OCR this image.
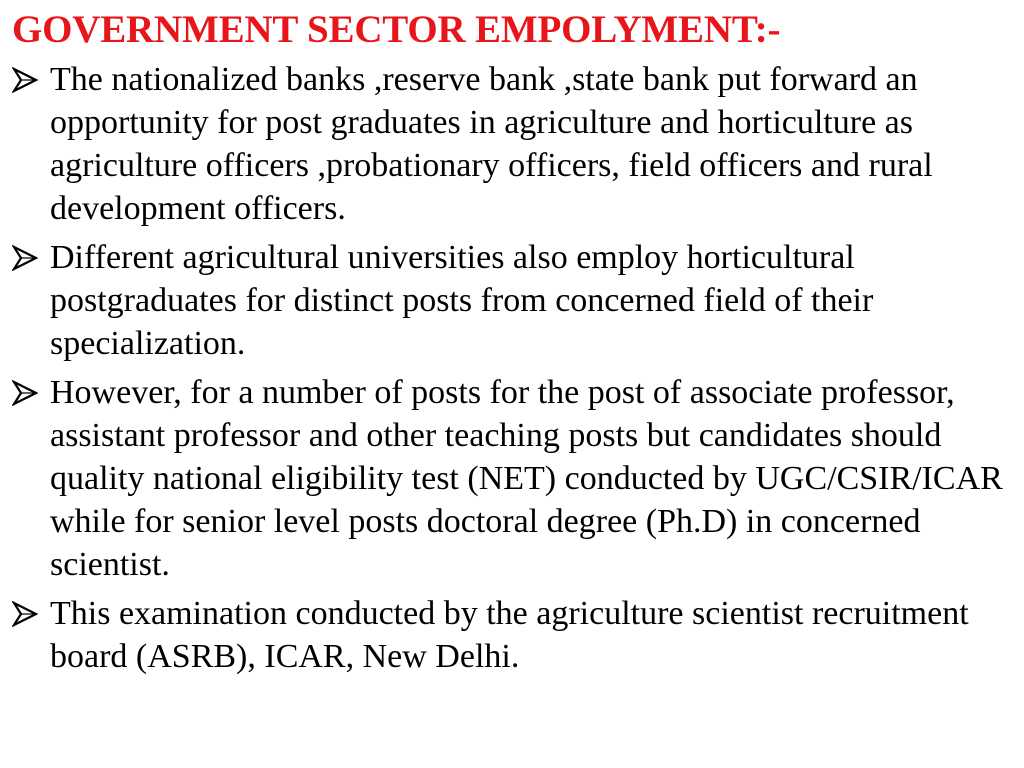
GOVERNMENT SECTOR EMPOLYMENT:-
The nationalized banks ,reserve bank ,state bank put forward an opportunity for post graduates in agriculture and horticulture as agriculture officers ,probationary officers, field officers and rural development officers.
Different agricultural universities also employ horticultural postgraduates for distinct posts from concerned field of their specialization.
However, for a number of posts for the post of associate professor, assistant professor and other teaching posts but candidates should quality national eligibility test (NET) conducted by UGC/CSIR/ICAR while for senior level posts doctoral degree (Ph.D) in concerned scientist.
This examination conducted by the agriculture scientist recruitment board (ASRB), ICAR, New Delhi.
